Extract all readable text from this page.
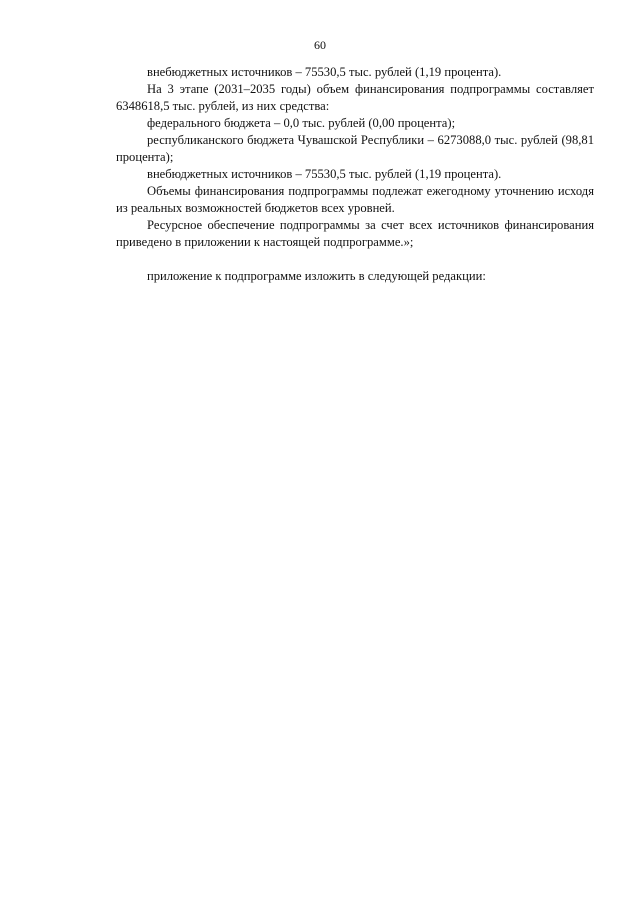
60

внебюджетных источников – 75530,5 тыс. рублей (1,19 процента).

На 3 этапе (2031–2035 годы) объем финансирования подпрограммы составляет 6348618,5 тыс. рублей, из них средства:

федерального бюджета – 0,0 тыс. рублей (0,00 процента);

республиканского бюджета Чувашской Республики – 6273088,0 тыс. рублей (98,81 процента);

внебюджетных источников – 75530,5 тыс. рублей (1,19 процента).

Объемы финансирования подпрограммы подлежат ежегодному уточнению исходя из реальных возможностей бюджетов всех уровней.

Ресурсное обеспечение подпрограммы за счет всех источников финансирования приведено в приложении к настоящей подпрограмме.»;

приложение к подпрограмме изложить в следующей редакции:
